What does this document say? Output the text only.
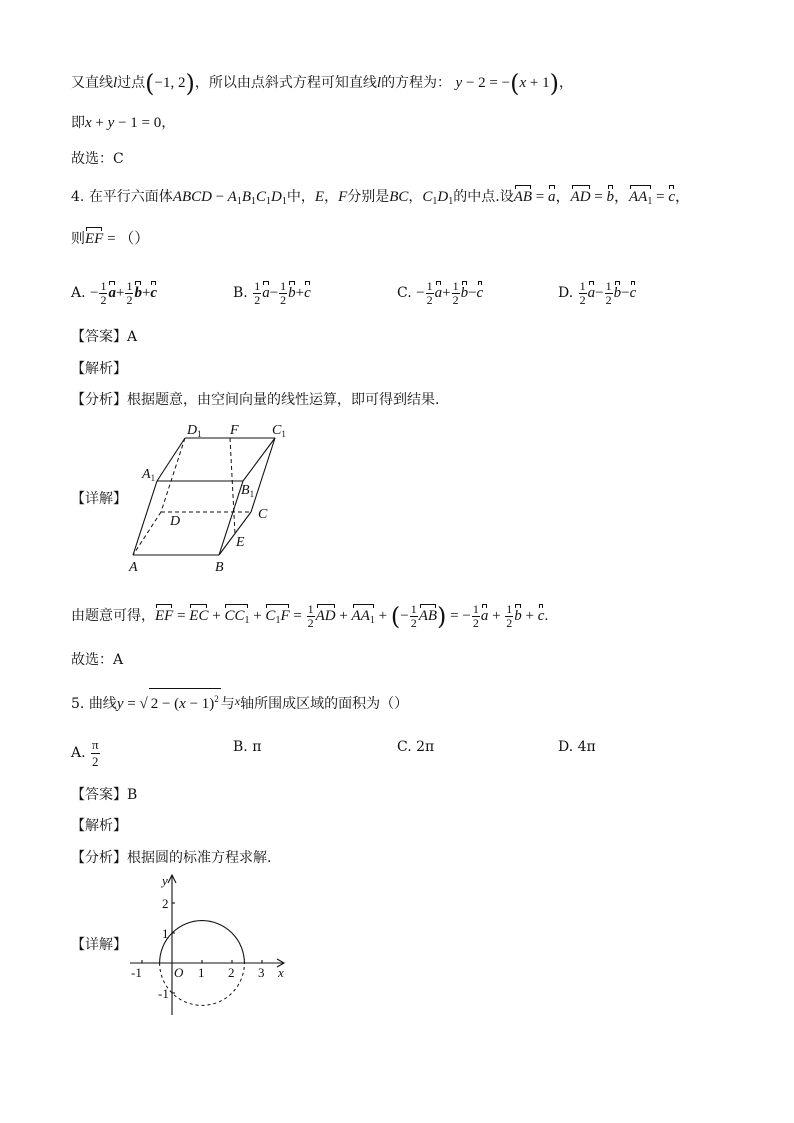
又直线l过点(−1, 2)，所以由点斜式方程可知直线l的方程为： y − 2 = −(x + 1)，
即x + y − 1 = 0，
故选：C
4. 在平行六面体ABCD − $A_1B_1C_1D_1$中，E，F分别是BC，$C_1D_1$的中点.设AB = a，AD = b，$AA_1 = c$，
则EF = （）
A. − $\frac{1}{2} a+ \frac{1}{2} b+c$	B. $\frac{1}{2} a- \frac{1}{2} b+c$	C. − $\frac{1}{2} a+ \frac{1}{2} b-c$	D. $\frac{1}{2} a- \frac{1}{2} b-c$
【答案】A
【解析】
【分析】根据题意，由空间向量的线性运算，即可得到结果.
【详解】
$D_1$ F $C_1$
$A_1$
$B_1$
D	C
E
A	B
由题意可得，EF = EC + $CC_1 + C_1F = \frac{1}{2}$ AD + $AA_1$ + (− $\frac{1}{2} AB$) = − $\frac{1}{2}$ $a + \frac{1}{2}$ b + c.
故选：A
5. 曲线y = √ $2 - (x - 1)^2$ 与x轴所围成区域的面积为（）
A. $\frac{\pi}{2}$	B. π	C. 2π	D. 4π
【答案】B
【解析】
【分析】根据圆的标准方程求解.
【详解】
y
x
O
-1	1 2 3
2
1
-1
